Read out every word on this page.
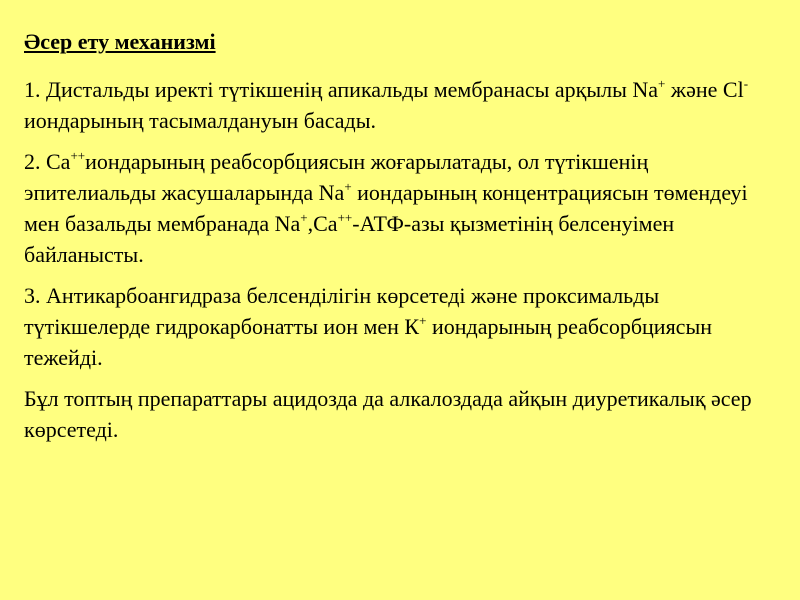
Әсер ету механизмі

1. Дистальды иректі түтікшенің апикальды мембранасы арқылы Na+ және Cl- иондарының тасымалдануын басады.

2. Ca++иондарының реабсорбциясын жоғарылатады, ол түтікшенің эпителиальды жасушаларында Na+ иондарының концентрациясын төмендеуі мен базальды мембранада Na+,Ca++-АТФ-азы қызметінің белсенуімен байланысты.

3. Антикарбоангидраза белсенділігін көрсетеді және проксимальды түтікшелерде гидрокарбонатты ион мен К+ иондарының реабсорбциясын тежейді.

Бұл топтың препараттары ацидозда да алкалоздада айқын диуретикалық әсер көрсетеді.
